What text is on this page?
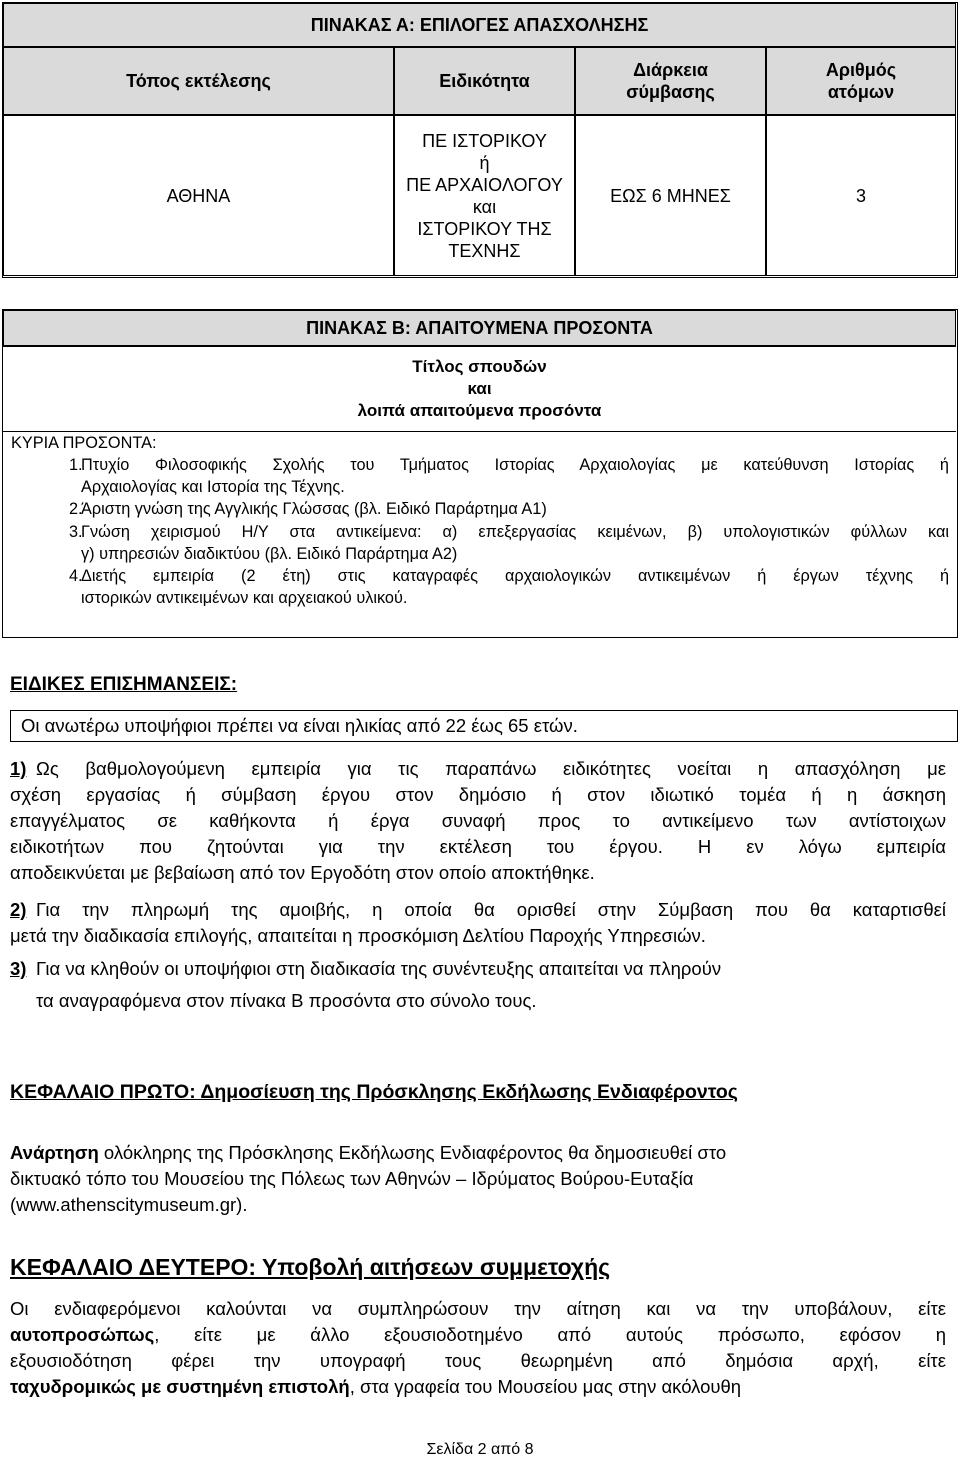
ΠΙΝΑΚΑΣ Α: ΕΠΙΛΟΓΕΣ ΑΠΑΣΧΟΛΗΣΗΣ
Τόπος εκτέλεσης	Ειδικότητα
Διάρκεια
σύμβασης
Αριθμός
ατόμων
ΑΘΗΝΑ
ΠΕ ΙΣΤΟΡΙΚΟΥ
ή
ΠΕ ΑΡΧΑΙΟΛΟΓΟΥ
και
ΙΣΤΟΡΙΚΟΥ ΤΗΣ
ΤΕΧΝΗΣ
ΕΩΣ 6 ΜΗΝΕΣ	3
ΠΙΝΑΚΑΣ Β: ΑΠΑΙΤΟΥΜΕΝΑ ΠΡΟΣΟΝΤΑ
Τίτλος σπουδών
και
λοιπά απαιτούμενα προσόντα
ΚΥΡΙΑ ΠΡΟΣΟΝΤΑ:
1.
Πτυχίο Φιλοσοφικής Σχολής του Τμήματος Ιστορίας Αρχαιολογίας με κατεύθυνση Ιστορίας ή
Αρχαιολογίας και Ιστορία της Τέχνης.
2.
Άριστη γνώση της Αγγλικής Γλώσσας (βλ. Ειδικό Παράρτημα Α1)
3.
Γνώση χειρισμού Η/Υ στα αντικείμενα: α) επεξεργασίας κειμένων, β) υπολογιστικών φύλλων και
γ) υπηρεσιών διαδικτύου (βλ. Ειδικό Παράρτημα Α2)
4.
Διετής εμπειρία (2 έτη) στις καταγραφές αρχαιολογικών αντικειμένων ή έργων τέχνης ή
ιστορικών αντικειμένων και αρχειακού υλικού.
ΕΙΔΙΚΕΣ ΕΠΙΣΗΜΑΝΣΕΙΣ:
Οι ανωτέρω υποψήφιοι πρέπει να είναι ηλικίας από 22 έως 65 ετών.
1) Ως βαθμολογούμενη εμπειρία για τις παραπάνω ειδικότητες νοείται η απασχόληση με
σχέση εργασίας ή σύμβαση έργου στον δημόσιο ή στον ιδιωτικό τομέα ή η άσκηση
επαγγέλματος σε καθήκοντα ή έργα συναφή προς το αντικείμενο των αντίστοιχων
ειδικοτήτων που ζητούνται για την εκτέλεση του έργου. Η εν λόγω εμπειρία
αποδεικνύεται με βεβαίωση από τον Εργοδότη στον οποίο αποκτήθηκε.
2) Για την πληρωμή της αμοιβής, η οποία θα ορισθεί στην Σύμβαση που θα καταρτισθεί
μετά την διαδικασία επιλογής, απαιτείται η προσκόμιση Δελτίου Παροχής Υπηρεσιών.
3) Για να κληθούν οι υποψήφιοι στη διαδικασία της συνέντευξης απαιτείται να πληρούν
τα αναγραφόμενα στον πίνακα Β προσόντα στο σύνολο τους.
ΚΕΦΑΛΑΙΟ ΠΡΩΤΟ: Δημοσίευση της Πρόσκλησης Εκδήλωσης Ενδιαφέροντος
Ανάρτηση ολόκληρης της Πρόσκλησης Εκδήλωσης Ενδιαφέροντος θα δημοσιευθεί στο
δικτυακό τόπο του Μουσείου της Πόλεως των Αθηνών – Ιδρύματος Βούρου-Ευταξία
(www.athenscitymuseum.gr).
ΚΕΦΑΛΑΙΟ ΔΕΥΤΕΡΟ: Υποβολή αιτήσεων συμμετοχής
Οι ενδιαφερόμενοι καλούνται να συμπληρώσουν την αίτηση και να την υποβάλουν, είτε
αυτοπροσώπως, είτε με άλλο εξουσιοδοτημένο από αυτούς πρόσωπο, εφόσον η
εξουσιοδότηση φέρει την υπογραφή τους θεωρημένη από δημόσια αρχή, είτε
ταχυδρομικώς με συστημένη επιστολή, στα γραφεία του Μουσείου μας στην ακόλουθη
Σελίδα 2 από 8
